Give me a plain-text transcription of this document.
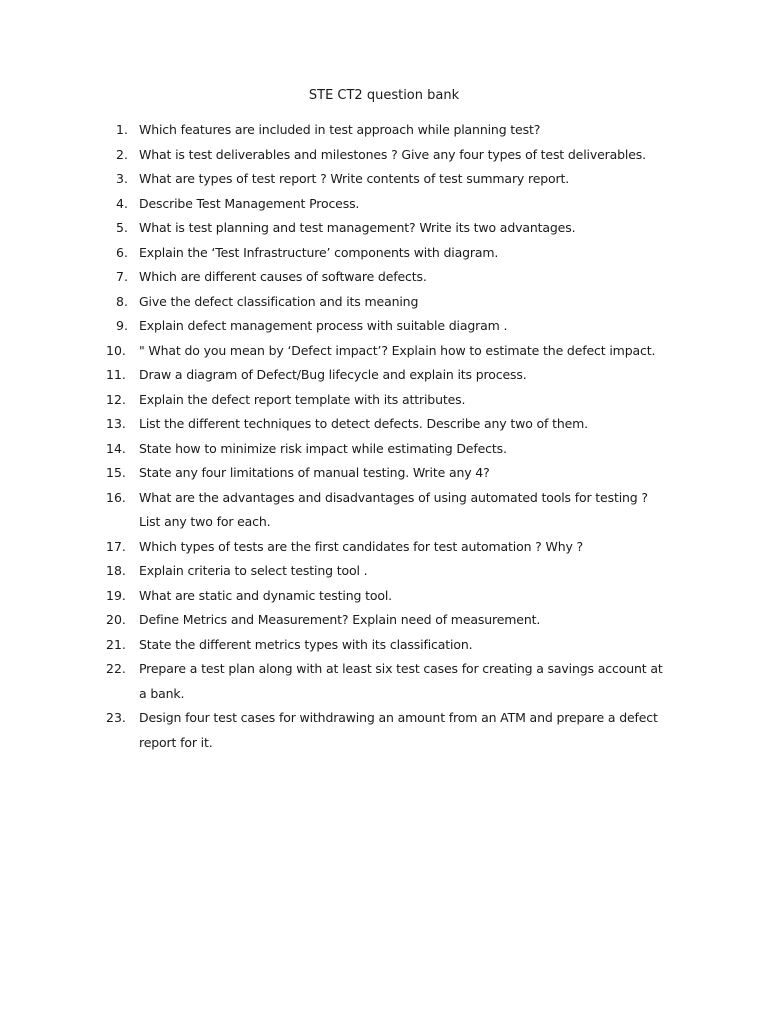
STE CT2 question bank
1. Which features are included in test approach while planning test?
2. What is test deliverables and milestones ? Give any four types of test deliverables.
3. What are types of test report ? Write contents of test summary report.
4. Describe Test Management Process.
5. What is test planning and test management? Write its two advantages.
6. Explain the ‘Test Infrastructure’ components with diagram.
7. Which are different causes of software defects.
8. Give the defect classification and its meaning
9. Explain defect management process with suitable diagram .
10.	" What do you mean by ‘Defect impact’? Explain how to estimate the defect impact.
11.	Draw a diagram of Defect/Bug lifecycle and explain its process.
12.	Explain the defect report template with its attributes.
13.	List the different techniques to detect defects. Describe any two of them.
14.	State how to minimize risk impact while estimating Defects.
15.	State any four limitations of manual testing. Write any 4?
16.	What are the advantages and disadvantages of using automated tools for testing ? List any two for each.
17.	Which types of tests are the first candidates for test automation ? Why ?
18.	Explain criteria to select testing tool .
19.	What are static and dynamic testing tool.
20.	Define Metrics and Measurement? Explain need of measurement.
21.	State the different metrics types with its classification.
22.	Prepare a test plan along with at least six test cases for creating a savings account at a bank.
23.	Design four test cases for withdrawing an amount from an ATM and prepare a defect report for it.
